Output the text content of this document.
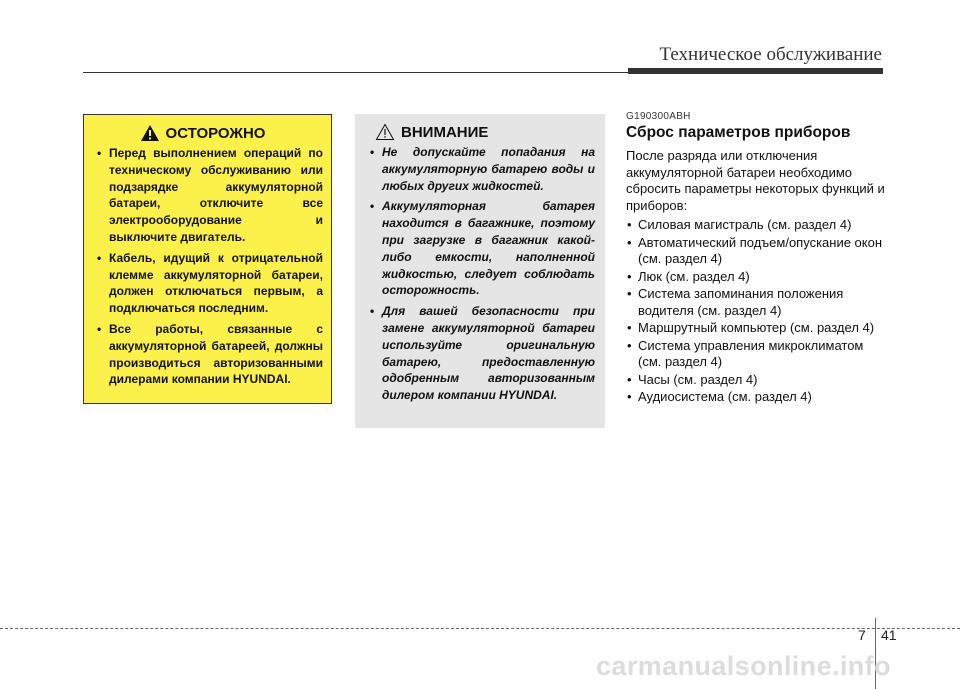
Техническое обслуживание
ОСТОРОЖНО
• Перед выполнением операций по техническому обслуживанию или подзарядке аккумуляторной батареи, отключите все электрооборудование и выключите двигатель.
• Кабель, идущий к отрицательной клемме аккумуляторной батареи, должен отключаться первым, а подключаться последним.
• Все работы, связанные с аккумуляторной батареей, должны производиться авторизованными дилерами компании HYUNDAI.
ВНИМАНИЕ
• Не допускайте попадания на аккумуляторную батарею воды и любых других жидкостей.
• Аккумуляторная батарея находится в багажнике, поэтому при загрузке в багажник какой-либо емкости, наполненной жидкостью, следует соблюдать осторожность.
• Для вашей безопасности при замене аккумуляторной батареи используйте оригинальную батарею, предоставленную одобренным авторизованным дилером компании HYUNDAI.
G190300ABH
Сброс параметров приборов
После разряда или отключения аккумуляторной батареи необходимо сбросить параметры некоторых функций и приборов:
• Силовая магистраль (см. раздел 4)
• Автоматический подъем/опускание окон (см. раздел 4)
• Люк (см. раздел 4)
• Система запоминания положения водителя (см. раздел 4)
• Маршрутный компьютер (см. раздел 4)
• Система управления микроклиматом (см. раздел 4)
• Часы (см. раздел 4)
• Аудиосистема (см. раздел 4)
7 41
carmanualsonline.info
